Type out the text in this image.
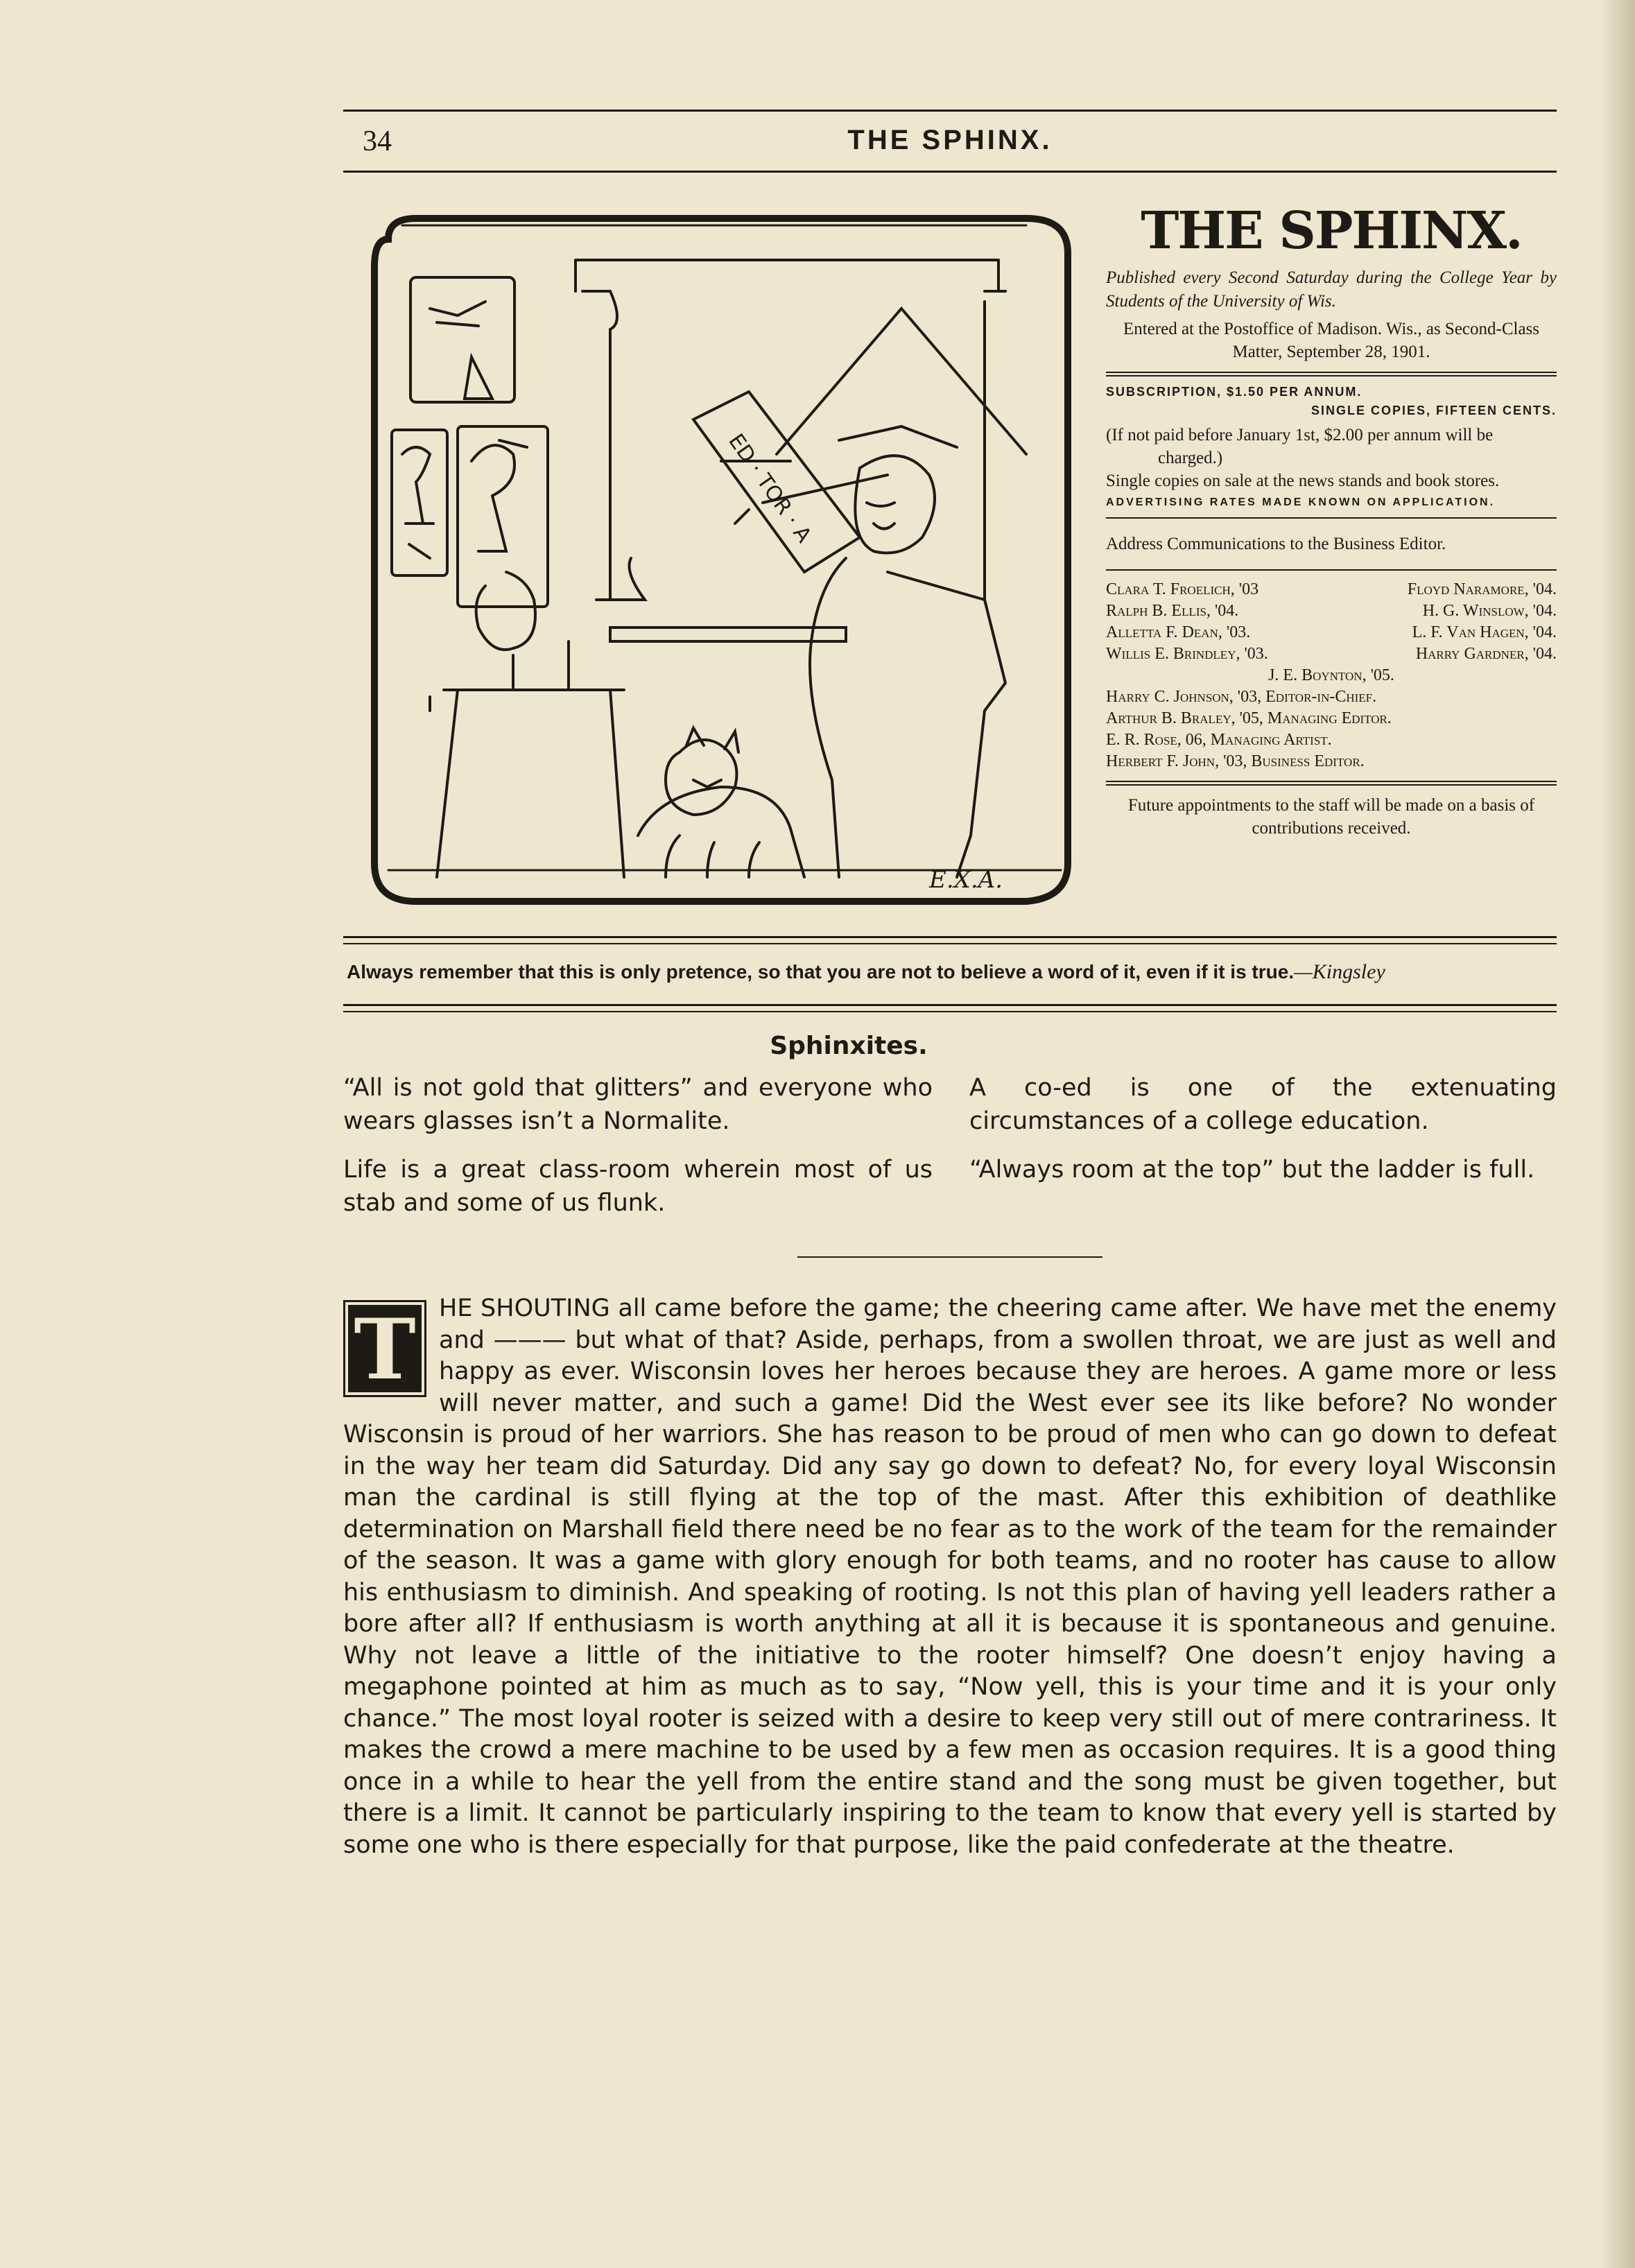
34	THE SPHINX.
ED · TOR · A
E.X.A.
THE SPHINX.
Published every Second Saturday during the College Year by Students of the University of Wis.
Entered at the Postoffice of Madison. Wis., as Second-Class Matter, September 28, 1901.
SUBSCRIPTION, $1.50 PER ANNUM.
SINGLE COPIES, FIFTEEN CENTS.
(If not paid before January 1st, $2.00 per annum will be charged.)
Single copies on sale at the news stands and book stores.
ADVERTISING RATES MADE KNOWN ON APPLICATION.
Address Communications to the Business Editor.
Clara T. Froelich, '03	Floyd Naramore, '04.
Ralph B. Ellis, '04.	H. G. Winslow, '04.
Alletta F. Dean, '03.	L. F. Van Hagen, '04.
Willis E. Brindley, '03.	Harry Gardner, '04.
J. E. Boynton, '05.
Harry C. Johnson, '03, Editor-in-Chief.
Arthur B. Braley, '05, Managing Editor.
E. R. Rose, 06, Managing Artist.
Herbert F. John, '03, Business Editor.
Future appointments to the staff will be made on a basis of contributions received.
Always remember that this is only pretence, so that you are not to believe a word of it, even if it is true.—Kingsley
Sphinxites.

“All is not gold that glitters” and everyone who wears glasses isn’t a Normalite.

Life is a great class-room wherein most of us stab and some of us flunk.

A co-ed is one of the extenuating circumstances of a college education.

“Always room at the top” but the ladder is full.

T HE SHOUTING all came before the game; the cheering came after. We have met the enemy and ——— but what of that? Aside, perhaps, from a swollen throat, we are just as well and happy as ever. Wisconsin loves her heroes because they are heroes. A game more or less will never matter, and such a game! Did the West ever see its like before? No wonder Wisconsin is proud of her warriors. She has reason to be proud of men who can go down to defeat in the way her team did Saturday. Did any say go down to defeat? No, for every loyal Wisconsin man the cardinal is still flying at the top of the mast. After this exhibition of deathlike determination on Marshall field there need be no fear as to the work of the team for the remainder of the season. It was a game with glory enough for both teams, and no rooter has cause to allow his enthusiasm to diminish. And speaking of rooting. Is not this plan of having yell leaders rather a bore after all? If enthusiasm is worth anything at all it is because it is spontaneous and genuine. Why not leave a little of the initiative to the rooter himself? One doesn’t enjoy having a megaphone pointed at him as much as to say, “Now yell, this is your time and it is your only chance.” The most loyal rooter is seized with a desire to keep very still out of mere contrariness. It makes the crowd a mere machine to be used by a few men as occasion requires. It is a good thing once in a while to hear the yell from the entire stand and the song must be given together, but there is a limit. It cannot be particularly inspiring to the team to know that every yell is started by some one who is there especially for that purpose, like the paid confederate at the theatre.
